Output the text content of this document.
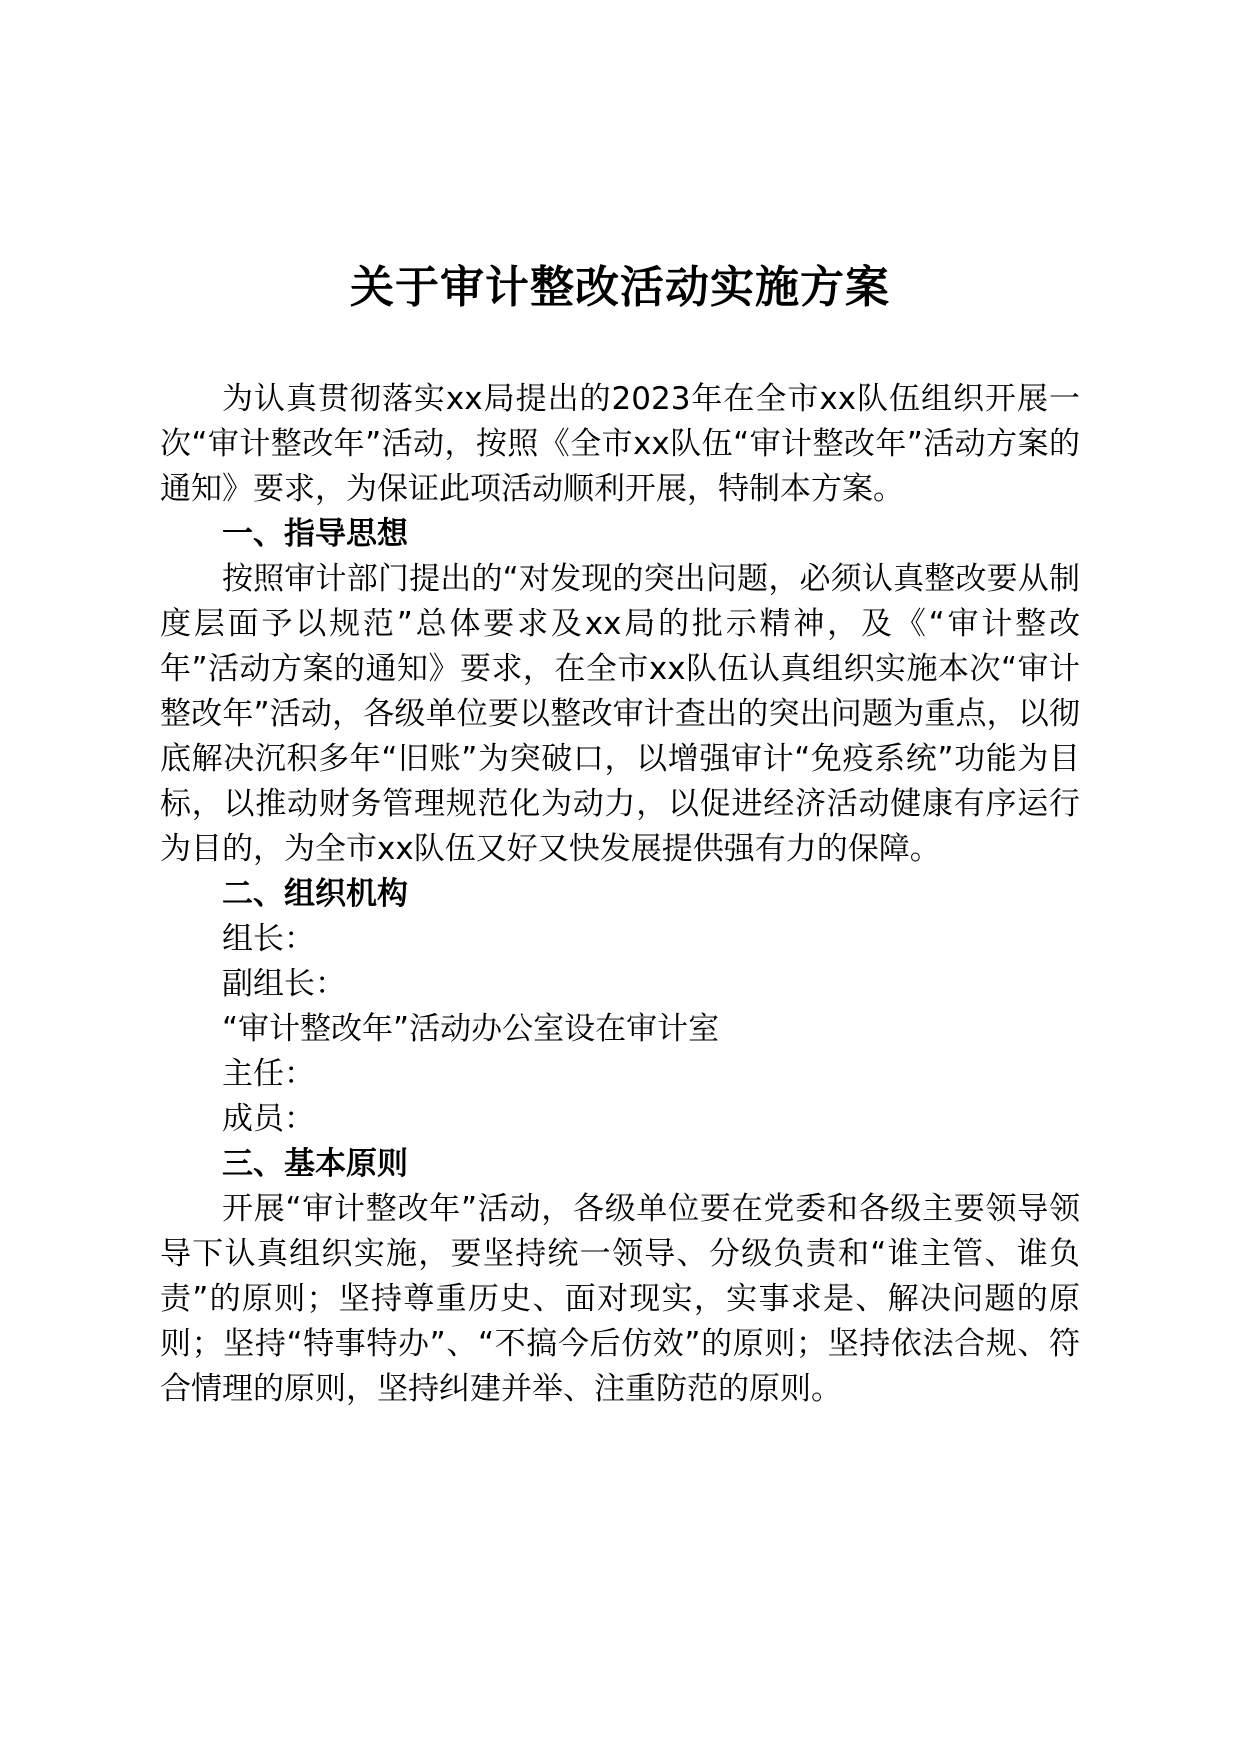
关于审计整改活动实施方案

为认真贯彻落实xx局提出的2023年在全市xx队伍组织开展一次“审计整改年”活动，按照《全市xx队伍“审计整改年”活动方案的通知》要求，为保证此项活动顺利开展，特制本方案。

一、指导思想

按照审计部门提出的“对发现的突出问题，必须认真整改要从制度层面予以规范”总体要求及xx局的批示精神，及《“审计整改年”活动方案的通知》要求，在全市xx队伍认真组织实施本次“审计整改年”活动，各级单位要以整改审计查出的突出问题为重点，以彻底解决沉积多年“旧账”为突破口，以增强审计“免疫系统”功能为目标，以推动财务管理规范化为动力，以促进经济活动健康有序运行为目的，为全市xx队伍又好又快发展提供强有力的保障。

二、组织机构

组长：

副组长：

“审计整改年”活动办公室设在审计室

主任：

成员：

三、基本原则

开展“审计整改年”活动，各级单位要在党委和各级主要领导领导下认真组织实施，要坚持统一领导、分级负责和“谁主管、谁负责”的原则；坚持尊重历史、面对现实，实事求是、解决问题的原则；坚持“特事特办”、“不搞今后仿效”的原则；坚持依法合规、符合情理的原则，坚持纠建并举、注重防范的原则。
